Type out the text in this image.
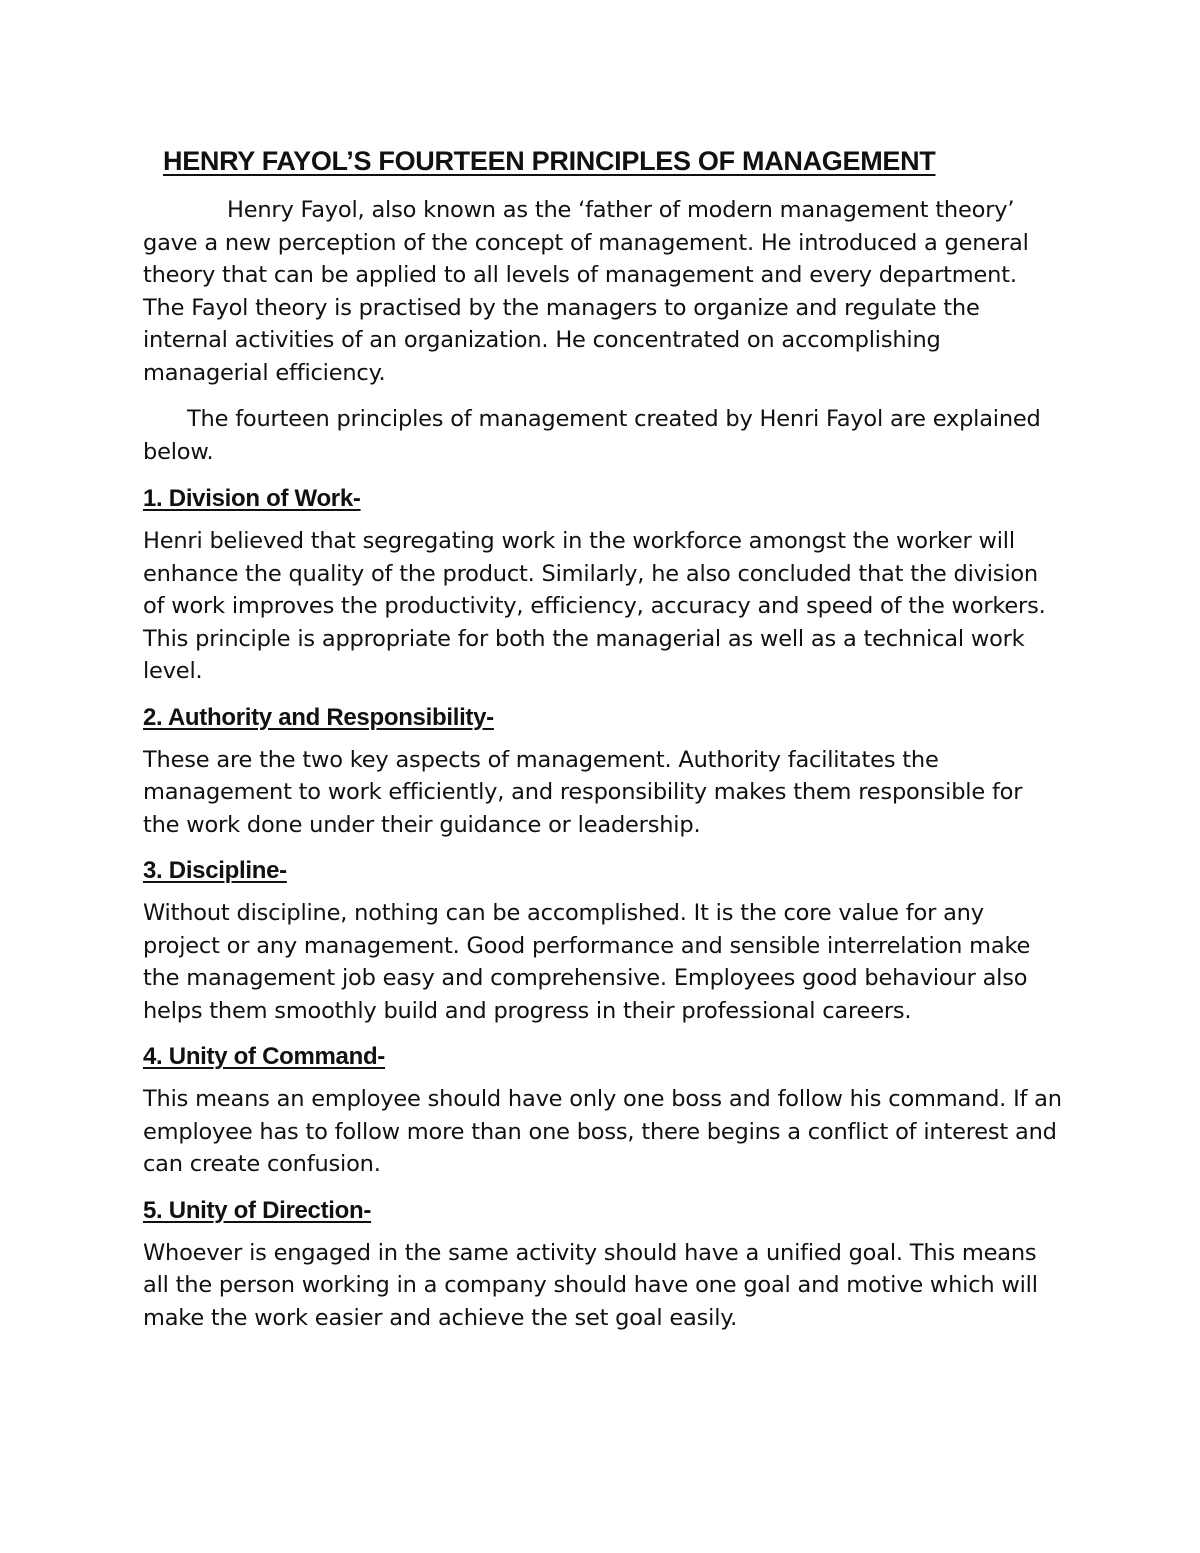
HENRY FAYOL’S FOURTEEN PRINCIPLES OF MANAGEMENT

Henry Fayol, also known as the ‘father of modern management theory’ gave a new perception of the concept of management. He introduced a general theory that can be applied to all levels of management and every department. The Fayol theory is practised by the managers to organize and regulate the internal activities of an organization. He concentrated on accomplishing managerial efficiency.

The fourteen principles of management created by Henri Fayol are explained below.

1. Division of Work-

Henri believed that segregating work in the workforce amongst the worker will enhance the quality of the product. Similarly, he also concluded that the division of work improves the productivity, efficiency, accuracy and speed of the workers. This principle is appropriate for both the managerial as well as a technical work level.

2. Authority and Responsibility-

These are the two key aspects of management. Authority facilitates the management to work efficiently, and responsibility makes them responsible for the work done under their guidance or leadership.

3. Discipline-

Without discipline, nothing can be accomplished. It is the core value for any project or any management. Good performance and sensible interrelation make the management job easy and comprehensive. Employees good behaviour also helps them smoothly build and progress in their professional careers.

4. Unity of Command-

This means an employee should have only one boss and follow his command. If an employee has to follow more than one boss, there begins a conflict of interest and can create confusion.

5. Unity of Direction-

Whoever is engaged in the same activity should have a unified goal. This means all the person working in a company should have one goal and motive which will make the work easier and achieve the set goal easily.
